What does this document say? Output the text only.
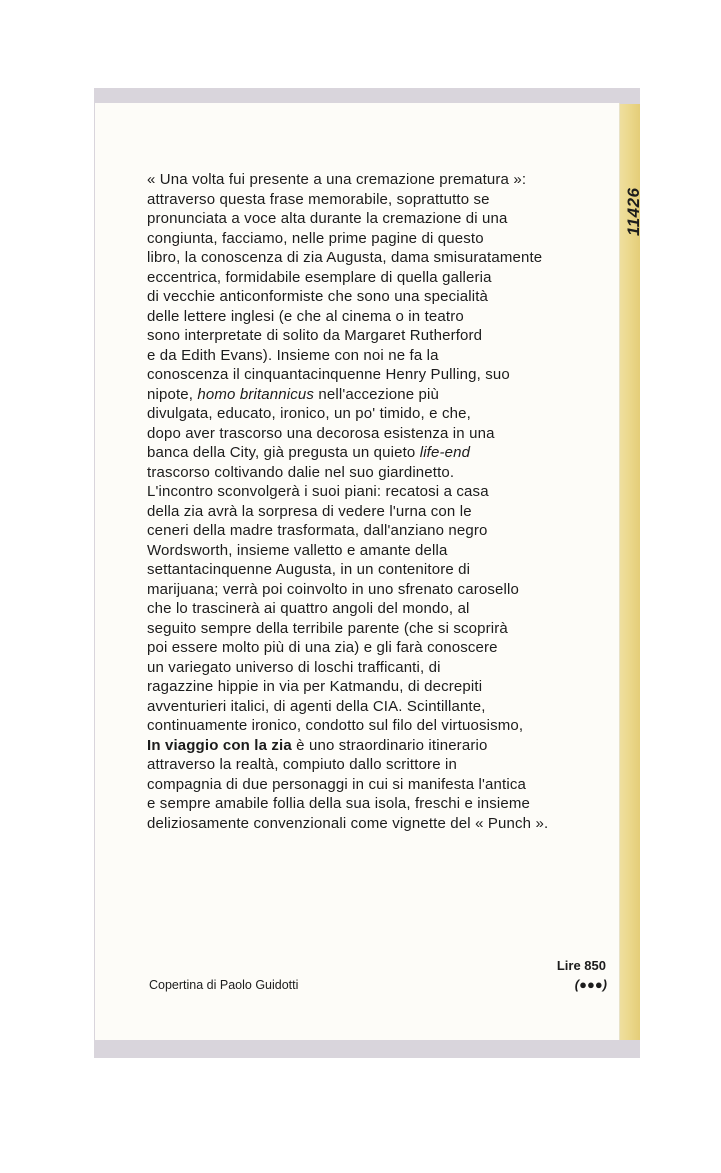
11426

« Una volta fui presente a una cremazione prematura »:
attraverso questa frase memorabile, soprattutto se
pronunciata a voce alta durante la cremazione di una
congiunta, facciamo, nelle prime pagine di questo
libro, la conoscenza di zia Augusta, dama smisuratamente
eccentrica, formidabile esemplare di quella galleria
di vecchie anticonformiste che sono una specialità
delle lettere inglesi (e che al cinema o in teatro
sono interpretate di solito da Margaret Rutherford
e da Edith Evans). Insieme con noi ne fa la
conoscenza il cinquantacinquenne Henry Pulling, suo
nipote, homo britannicus nell'accezione più
divulgata, educato, ironico, un po' timido, e che,
dopo aver trascorso una decorosa esistenza in una
banca della City, già pregusta un quieto life-end
trascorso coltivando dalie nel suo giardinetto.
L'incontro sconvolgerà i suoi piani: recatosi a casa
della zia avrà la sorpresa di vedere l'urna con le
ceneri della madre trasformata, dall'anziano negro
Wordsworth, insieme valletto e amante della
settantacinquenne Augusta, in un contenitore di
marijuana; verrà poi coinvolto in uno sfrenato carosello
che lo trascinerà ai quattro angoli del mondo, al
seguito sempre della terribile parente (che si scoprirà
poi essere molto più di una zia) e gli farà conoscere
un variegato universo di loschi trafficanti, di
ragazzine hippie in via per Katmandu, di decrepiti
avventurieri italici, di agenti della CIA. Scintillante,
continuamente ironico, condotto sul filo del virtuosismo,
In viaggio con la zia è uno straordinario itinerario
attraverso la realtà, compiuto dallo scrittore in
compagnia di due personaggi in cui si manifesta l'antica
e sempre amabile follia della sua isola, freschi e insieme
deliziosamente convenzionali come vignette del « Punch ».

Copertina di Paolo Guidotti
Lire 850
(●●●)
